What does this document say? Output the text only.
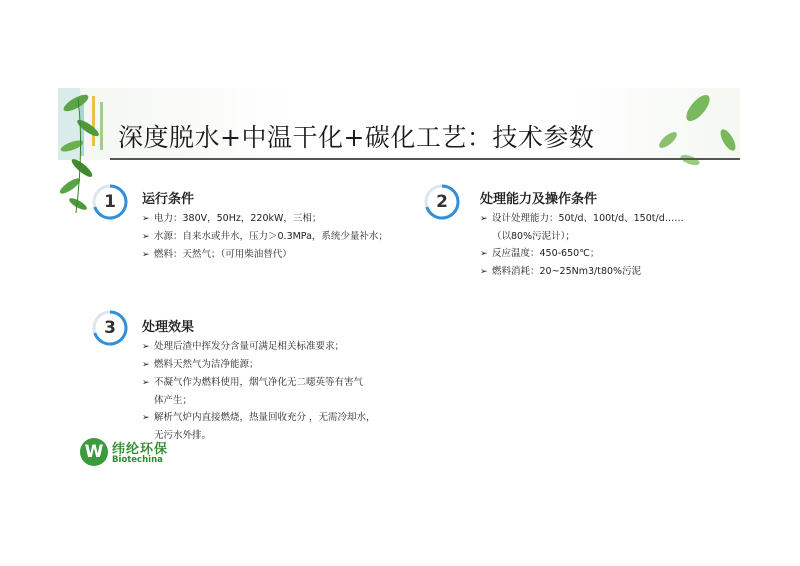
深度脱水+中温干化+碳化工艺：技术参数
1	运行条件
➢ 电力：380V，50Hz，220kW，三相；
➢ 水源：自来水或井水，压力＞0.3MPa，系统少量补水；
➢ 燃料：天然气；（可用柴油替代）
2	处理能力及操作条件
➢ 设计处理能力：50t/d、100t/d、150t/d……
（以80%污泥计）；
➢ 反应温度：450-650℃；
➢ 燃料消耗：20~25Nm3/t80%污泥
3	处理效果
➢ 处理后渣中挥发分含量可满足相关标准要求；
➢ 燃料天然气为洁净能源；
➢ 不凝气作为燃料使用，烟气净化无二噁英等有害气
体产生；
➢ 解析气炉内直接燃烧，热量回收充分 ，无需冷却水，
无污水外排。
W 纬纶环保
Biotechina
